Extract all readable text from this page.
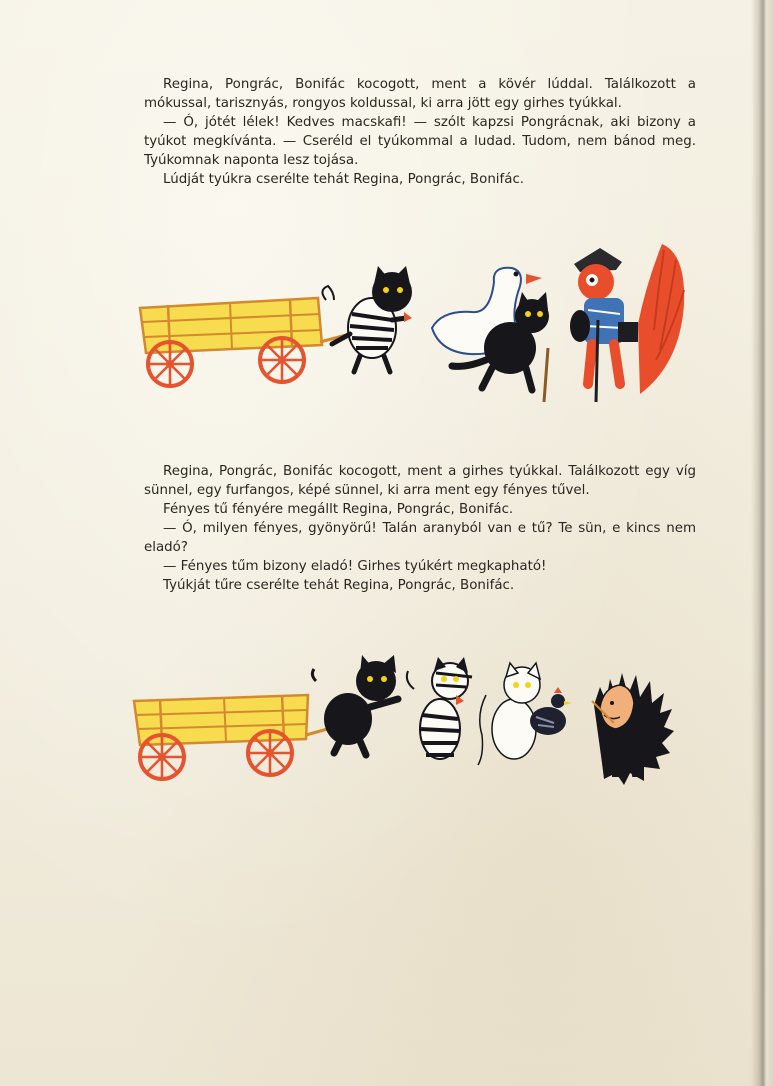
Regina, Pongrác, Bonifác kocogott, ment a kövér lúddal. Találkozott a mókussal, tarisznyás, rongyos koldussal, ki arra jött egy girhes tyúkkal.

— Ó, jótét lélek! Kedves macskafi! — szólt kapzsi Pongrácnak, aki bizony a tyúkot megkívánta. — Cseréld el tyúkommal a ludad. Tudom, nem bánod meg. Tyúkomnak naponta lesz tojása.

Lúdját tyúkra cserélte tehát Regina, Pongrác, Bonifác.

Regina, Pongrác, Bonifác kocogott, ment a girhes tyúkkal. Találkozott egy víg sünnel, egy furfangos, képé sünnel, ki arra ment egy fényes tűvel.

Fényes tű fényére megállt Regina, Pongrác, Bonifác.

— Ó, milyen fényes, gyönyörű! Talán aranyból van e tű? Te sün, e kincs nem eladó?

— Fényes tűm bizony eladó! Girhes tyúkért megkapható!

Tyúkját tűre cserélte tehát Regina, Pongrác, Bonifác.
